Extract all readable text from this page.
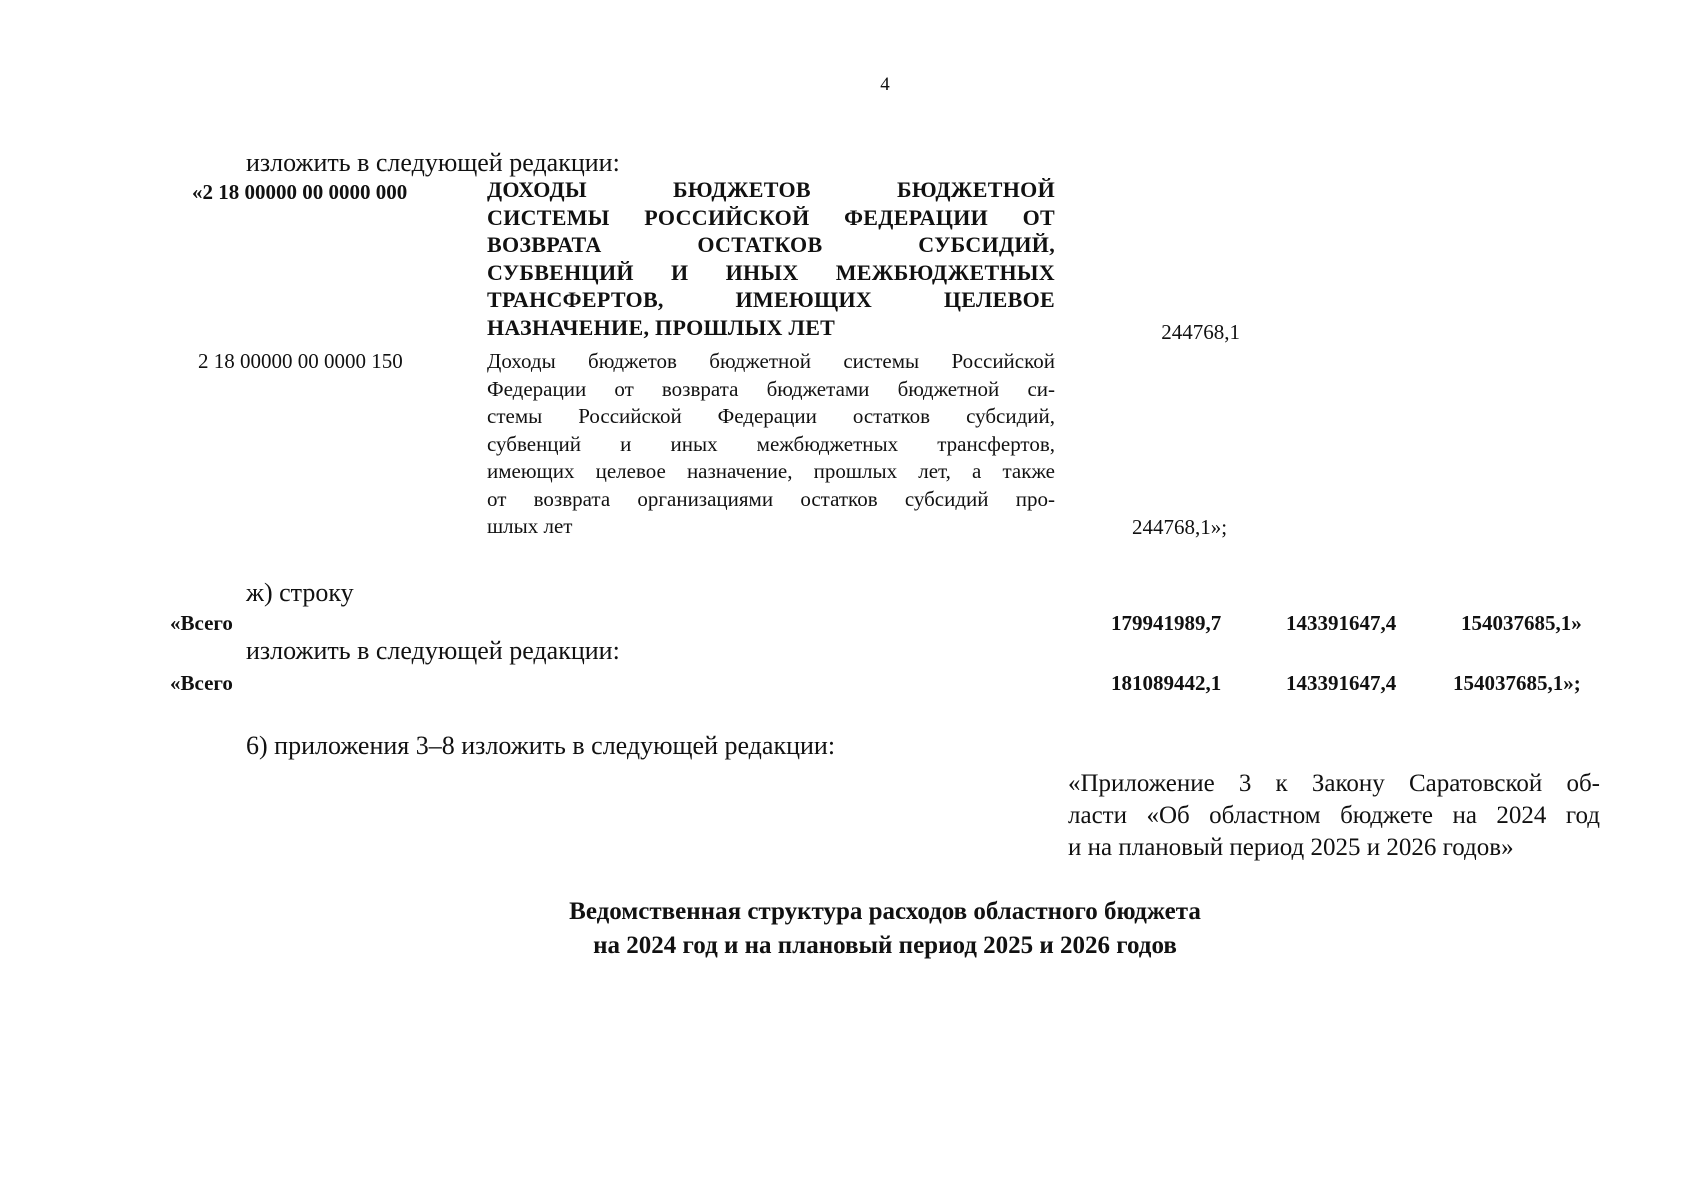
4
изложить в следующей редакции:
«2 18 00000 00 0000 000	ДОХОДЫ БЮДЖЕТОВ БЮДЖЕТНОЙ
СИСТЕМЫ РОССИЙСКОЙ ФЕДЕРАЦИИ ОТ
ВОЗВРАТА ОСТАТКОВ СУБСИДИЙ,
СУБВЕНЦИЙ И ИНЫХ МЕЖБЮДЖЕТНЫХ
ТРАНСФЕРТОВ, ИМЕЮЩИХ ЦЕЛЕВОЕ
НАЗНАЧЕНИЕ, ПРОШЛЫХ ЛЕТ	244768,1
2 18 00000 00 0000 150	Доходы бюджетов бюджетной системы Российской
Федерации от возврата бюджетами бюджетной си-
стемы Российской Федерации остатков субсидий,
субвенций и иных межбюджетных трансфертов,
имеющих целевое назначение, прошлых лет, а также
от возврата организациями остатков субсидий про-
шлых лет	244768,1»;
ж) строку
«Всего	179941989,7	143391647,4	154037685,1»
изложить в следующей редакции:
«Всего	181089442,1	143391647,4	154037685,1»;
6) приложения 3–8 изложить в следующей редакции:
«Приложение 3 к Закону Саратовской об-
ласти «Об областном бюджете на 2024 год
и на плановый период 2025 и 2026 годов»
Ведомственная структура расходов областного бюджета
на 2024 год и на плановый период 2025 и 2026 годов
